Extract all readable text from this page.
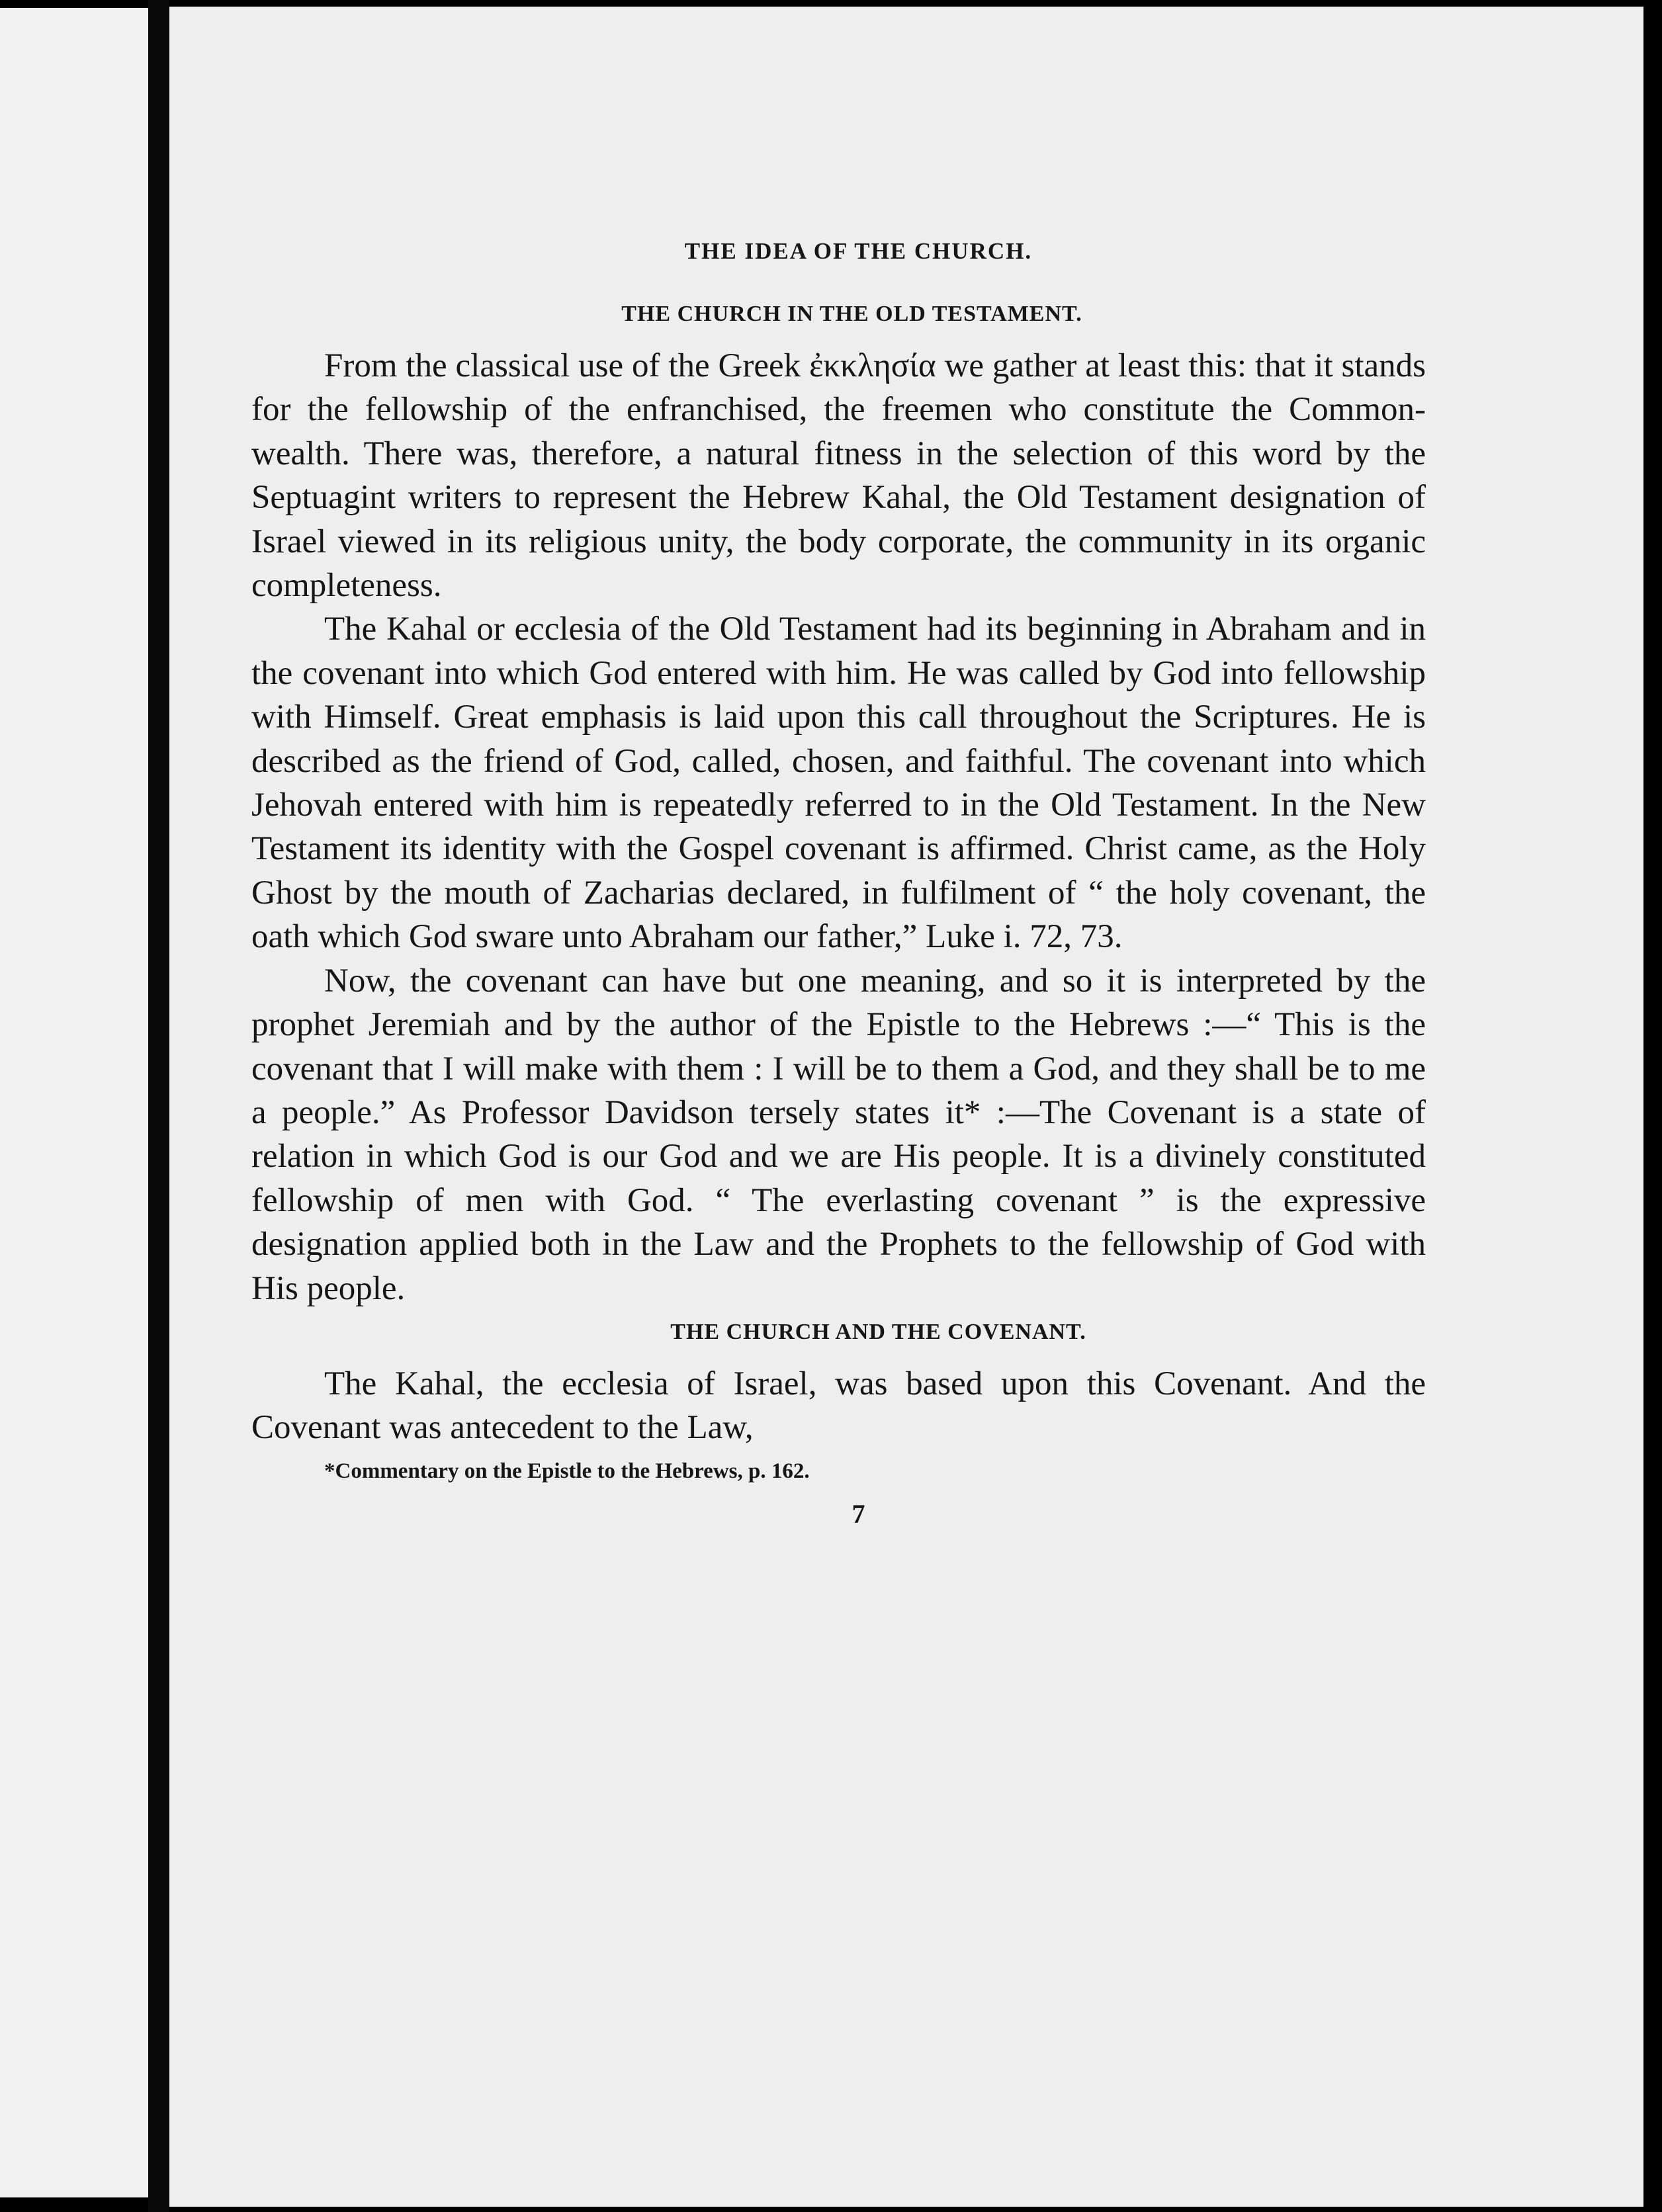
THE IDEA OF THE CHURCH.
THE CHURCH IN THE OLD TESTAMENT.

From the classical use of the Greek ἐκκλησία we gather at least this: that it stands for the fellowship of the enfranchised, the freemen who constitute the Common-wealth. There was, therefore, a natural fitness in the selection of this word by the Septuagint writers to represent the Hebrew Kahal, the Old Testament designation of Israel viewed in its religious unity, the body corporate, the community in its organic completeness.

The Kahal or ecclesia of the Old Testament had its beginning in Abraham and in the covenant into which God entered with him. He was called by God into fellowship with Himself. Great emphasis is laid upon this call throughout the Scriptures. He is described as the friend of God, called, chosen, and faithful. The covenant into which Jehovah entered with him is repeatedly referred to in the Old Testament. In the New Testament its identity with the Gospel covenant is affirmed. Christ came, as the Holy Ghost by the mouth of Zacharias declared, in fulfilment of “ the holy covenant, the oath which God sware unto Abraham our father,” Luke i. 72, 73.

Now, the covenant can have but one meaning, and so it is interpreted by the prophet Jeremiah and by the author of the Epistle to the Hebrews :—“ This is the covenant that I will make with them : I will be to them a God, and they shall be to me a people.” As Professor Davidson tersely states it* :—The Covenant is a state of relation in which God is our God and we are His people. It is a divinely constituted fellowship of men with God. “ The everlasting covenant ” is the expressive designation applied both in the Law and the Prophets to the fellowship of God with His people.

THE CHURCH AND THE COVENANT.

The Kahal, the ecclesia of Israel, was based upon this Covenant. And the Covenant was antecedent to the Law,

*Commentary on the Epistle to the Hebrews, p. 162.
7
